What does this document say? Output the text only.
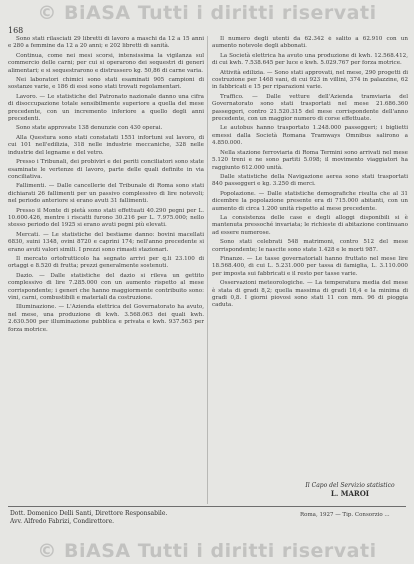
© BiASA Tutti i diritti riservati
168

Sono stati rilasciati 29 libretti di lavoro a maschi da 12 a 15 anni e 280 a femmine da 12 a 20 anni; e 202 libretti di sanità.

Continua, come nei mesi scorsi, intensissima la vigilanza sul commercio delle carni; per cui si operarono dei sequestri di generi alimentari; e si sequestrarono e distrussero kg. 50,86 di carne varia.

Nei laboratori chimici sono stati esaminati 905 campioni di sostanze varie, e 186 di essi sono stati trovati regolamentari.

Lavoro. — Le statistiche del Patronato nazionale danno una cifra di disoccupazione totale sensibilmente superiore a quella del mese precedente, con un incremento inferiore a quello degli anni precedenti.

Sono state approvate 138 denunzie con 430 operai.

Alla Questura sono stati constatati 1551 infortuni sul lavoro, di cui 101 nell'edilizia, 318 nelle industrie meccaniche, 328 nelle industrie del legname e del vetro.

Presso i Tribunali, dei probiviri e dei periti conciliatori sono state esaminate le vertenze di lavoro, parte delle quali definite in via conciliativa.

Fallimenti. — Dalle cancellerie del Tribunale di Roma sono stati dichiarati 26 fallimenti per un passivo complessivo di lire notevoli; nel periodo anteriore si erano avuti 31 fallimenti.

Presso il Monte di pietà sono stati effettuati 40.290 pegni per L. 10.600.426, mentre i riscatti furono 30.216 per L. 7.975.000; nello stesso periodo del 1925 si erano avuti pegni più elevati.

Mercati. — Le statistiche del bestiame danno: bovini macellati 6830, suini 1348, ovini 8720 e caprini 174; nell'anno precedente si erano avuti valori simili. I prezzi sono rimasti stazionari.

Il mercato ortofrutticolo ha segnato arrivi per q.li 23.100 di ortaggi e 8.520 di frutta; prezzi generalmente sostenuti.

Dazio. — Dalle statistiche del dazio si rileva un gettito complessivo di lire 7.285.000 con un aumento rispetto al mese corrispondente; i generi che hanno maggiormente contribuito sono: vini, carni, combustibili e materiali da costruzione.

Illuminazione. — L'Azienda elettrica del Governatorato ha avuto, nel mese, una produzione di kwh. 3.568.063 dei quali kwh. 2.630.500 per illuminazione pubblica e privata e kwh. 937.563 per forza motrice.

Il numero degli utenti da 62.342 è salito a 62.910 con un aumento notevole degli abbonati.

La Società elettrica ha avuto una produzione di kwh. 12.568.412, di cui kwh. 7.538.645 per luce e kwh. 5.029.767 per forza motrice.

Attività edilizia. — Sono stati approvati, nel mese, 290 progetti di costruzione per 1468 vani, di cui 923 in villini, 374 in palazzine, 62 in fabbricati e 15 per riparazioni varie.

Traffico. — Dalle vetture dell'Azienda tramviaria del Governatorato sono stati trasportati nel mese 21.686.360 passeggeri, contro 21.520.315 del mese corrispondente dell'anno precedente, con un maggior numero di corse effettuate.

Le autobus hanno trasportato 1.248.000 passeggeri; i biglietti emessi dalla Società Romana Tramways Omnibus salirono a 4.850.000.

Nella stazione ferroviaria di Roma Termini sono arrivati nel mese 5.120 treni e ne sono partiti 5.098; il movimento viaggiatori ha raggiunto 612.000 unità.

Dalle statistiche della Navigazione aerea sono stati trasportati 840 passeggeri e kg. 3.250 di merci.

Popolazione. — Dalle statistiche demografiche risulta che al 31 dicembre la popolazione presente era di 715.000 abitanti, con un aumento di circa 1.200 unità rispetto al mese precedente.

La consistenza delle case e degli alloggi disponibili si è mantenuta pressoché invariata; le richieste di abitazione continuano ad essere numerose.

Sono stati celebrati 548 matrimoni, contro 512 del mese corrispondente; le nascite sono state 1.428 e le morti 987.

Finanze. — Le tasse governatoriali hanno fruttato nel mese lire 18.568.400, di cui L. 5.231.000 per tassa di famiglia, L. 3.110.000 per imposta sui fabbricati e il resto per tasse varie.

Osservazioni meteorologiche. — La temperatura media del mese è stata di gradi 8,2; quella massima di gradi 16,4 e la minima di gradi 0,8. I giorni piovosi sono stati 11 con mm. 96 di pioggia caduta.

Il Capo del Servizio statistico
L. MAROI
Dott. Domenico Delli Santi, Direttore Responsabile.
Avv. Alfredo Fabrizi, Condirettore.
Roma, 1927 — Tip. Consorzio ...
© BiASA Tutti i diritti riservati
